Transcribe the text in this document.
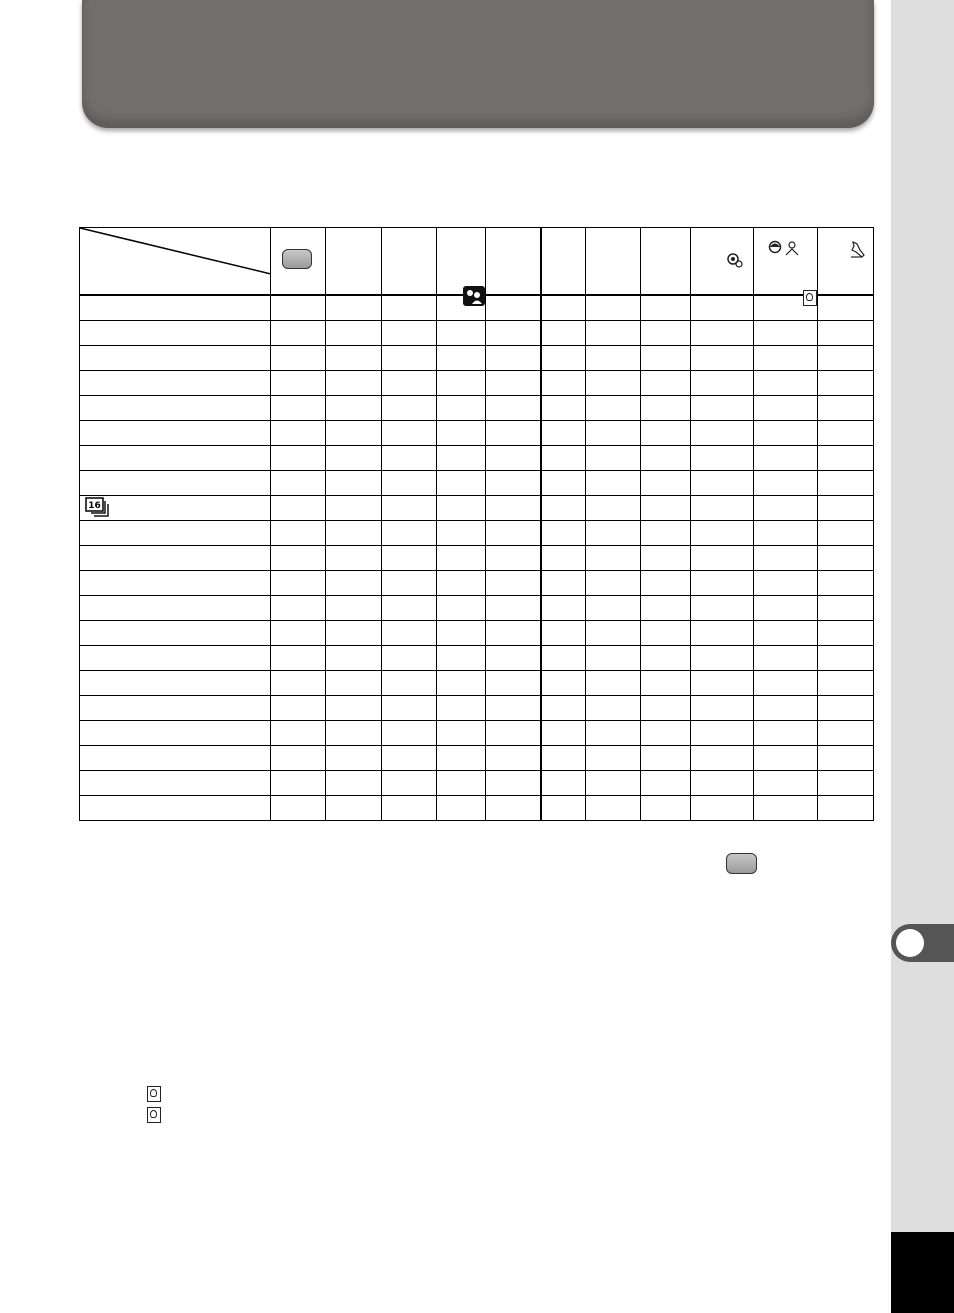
16											
